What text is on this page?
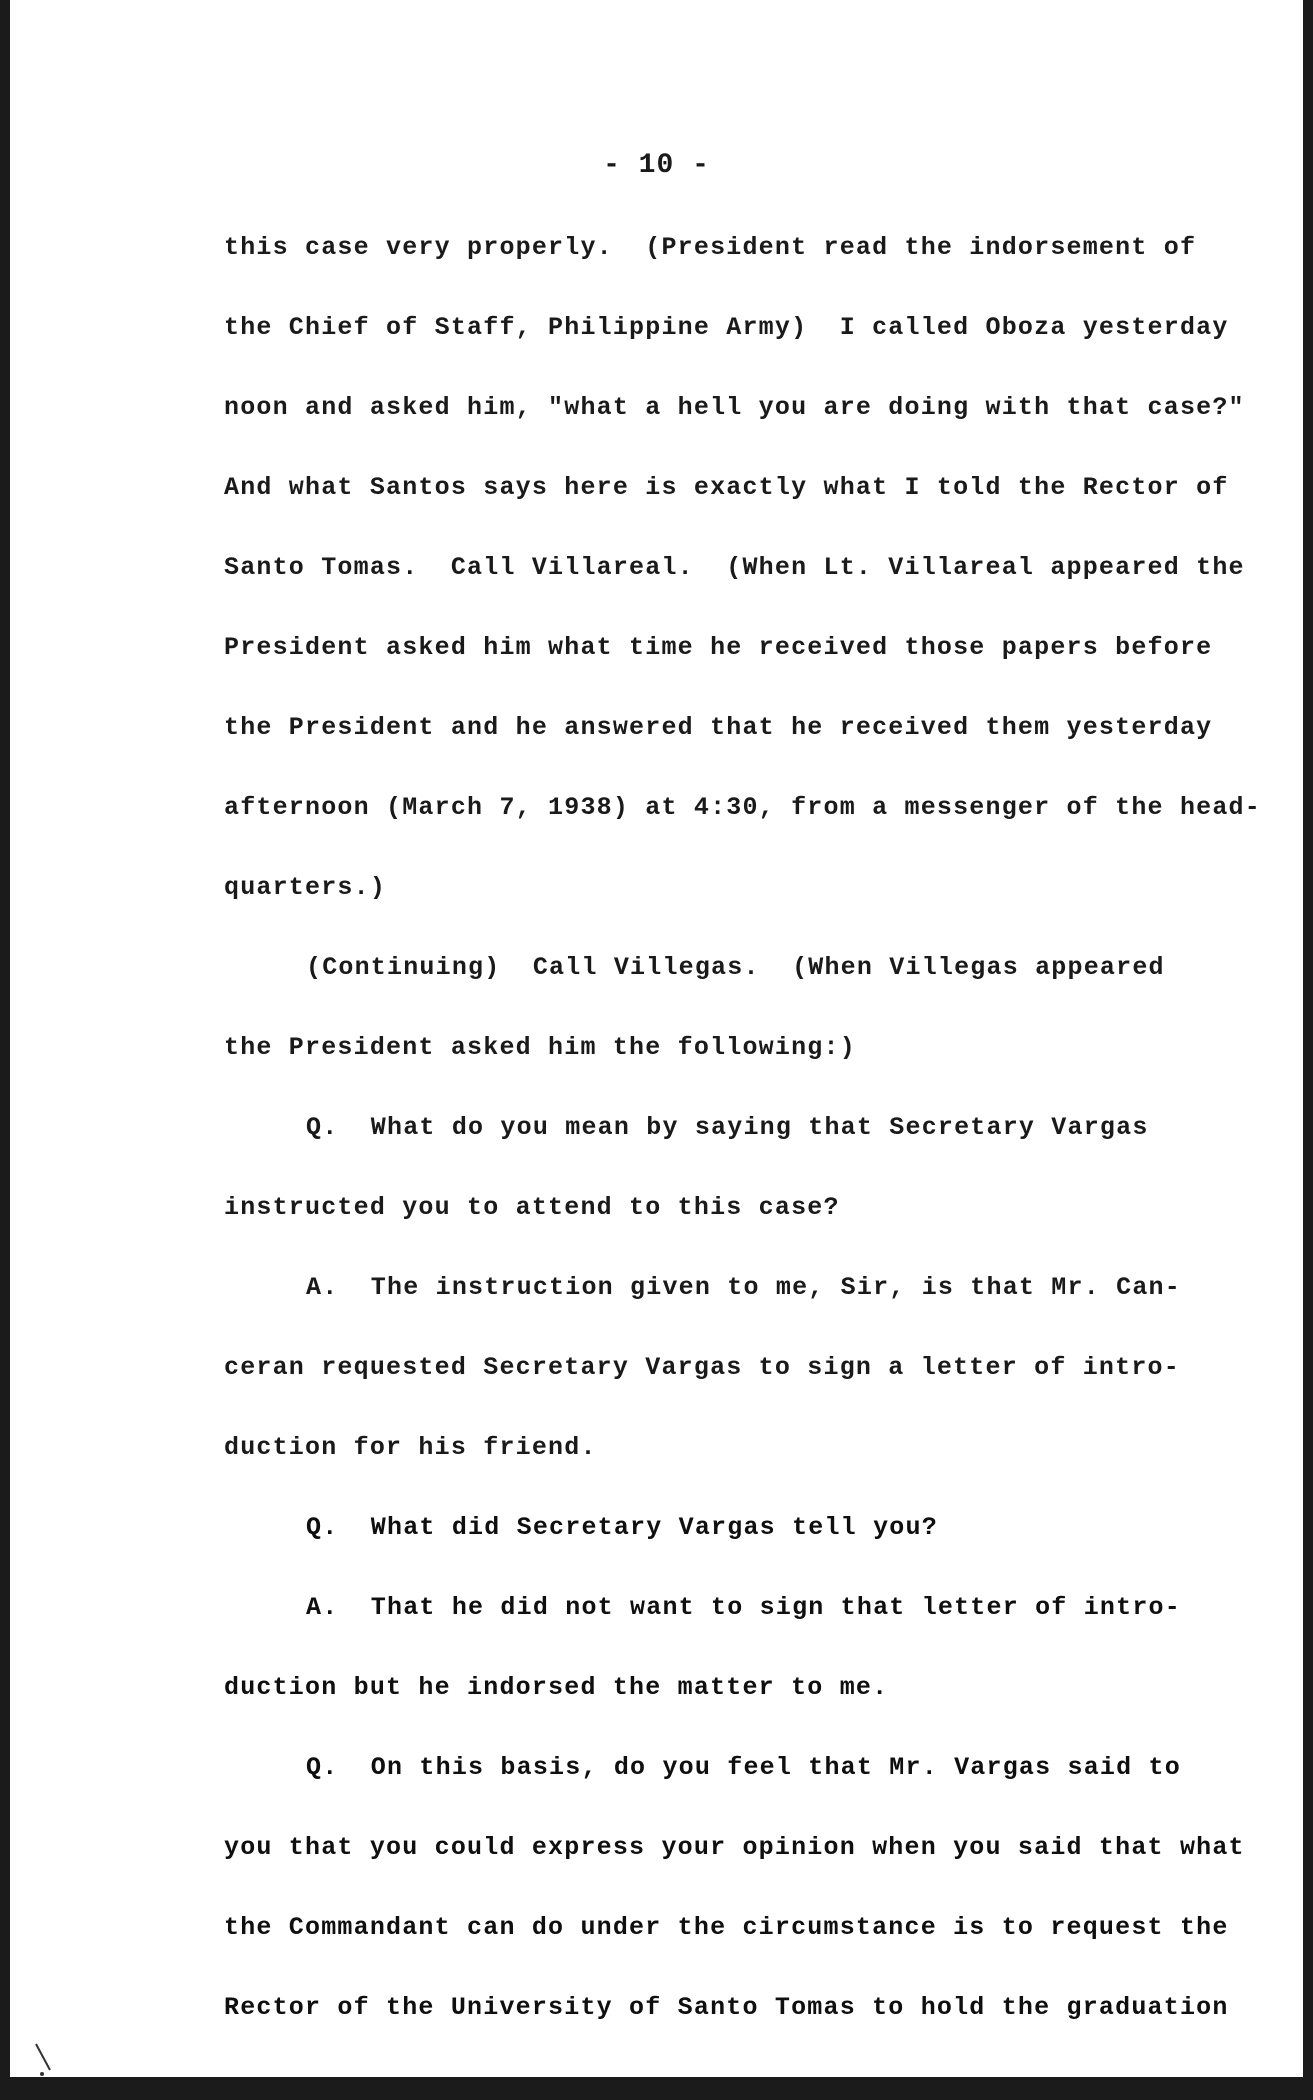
- 10 -
this case very properly.  (President read the indorsement of
the Chief of Staff, Philippine Army)  I called Oboza yesterday
noon and asked him, "what a hell you are doing with that case?"
And what Santos says here is exactly what I told the Rector of
Santo Tomas.  Call Villareal.  (When Lt. Villareal appeared the
President asked him what time he received those papers before
the President and he answered that he received them yesterday
afternoon (March 7, 1938) at 4:30, from a messenger of the head-
quarters.)
(Continuing)  Call Villegas.  (When Villegas appeared
the President asked him the following:)
Q.  What do you mean by saying that Secretary Vargas
instructed you to attend to this case?
A.  The instruction given to me, Sir, is that Mr. Can-
ceran requested Secretary Vargas to sign a letter of intro-
duction for his friend.
Q.  What did Secretary Vargas tell you?
A.  That he did not want to sign that letter of intro-
duction but he indorsed the matter to me.
Q.  On this basis, do you feel that Mr. Vargas said to
you that you could express your opinion when you said that what
the Commandant can do under the circumstance is to request the
Rector of the University of Santo Tomas to hold the graduation
